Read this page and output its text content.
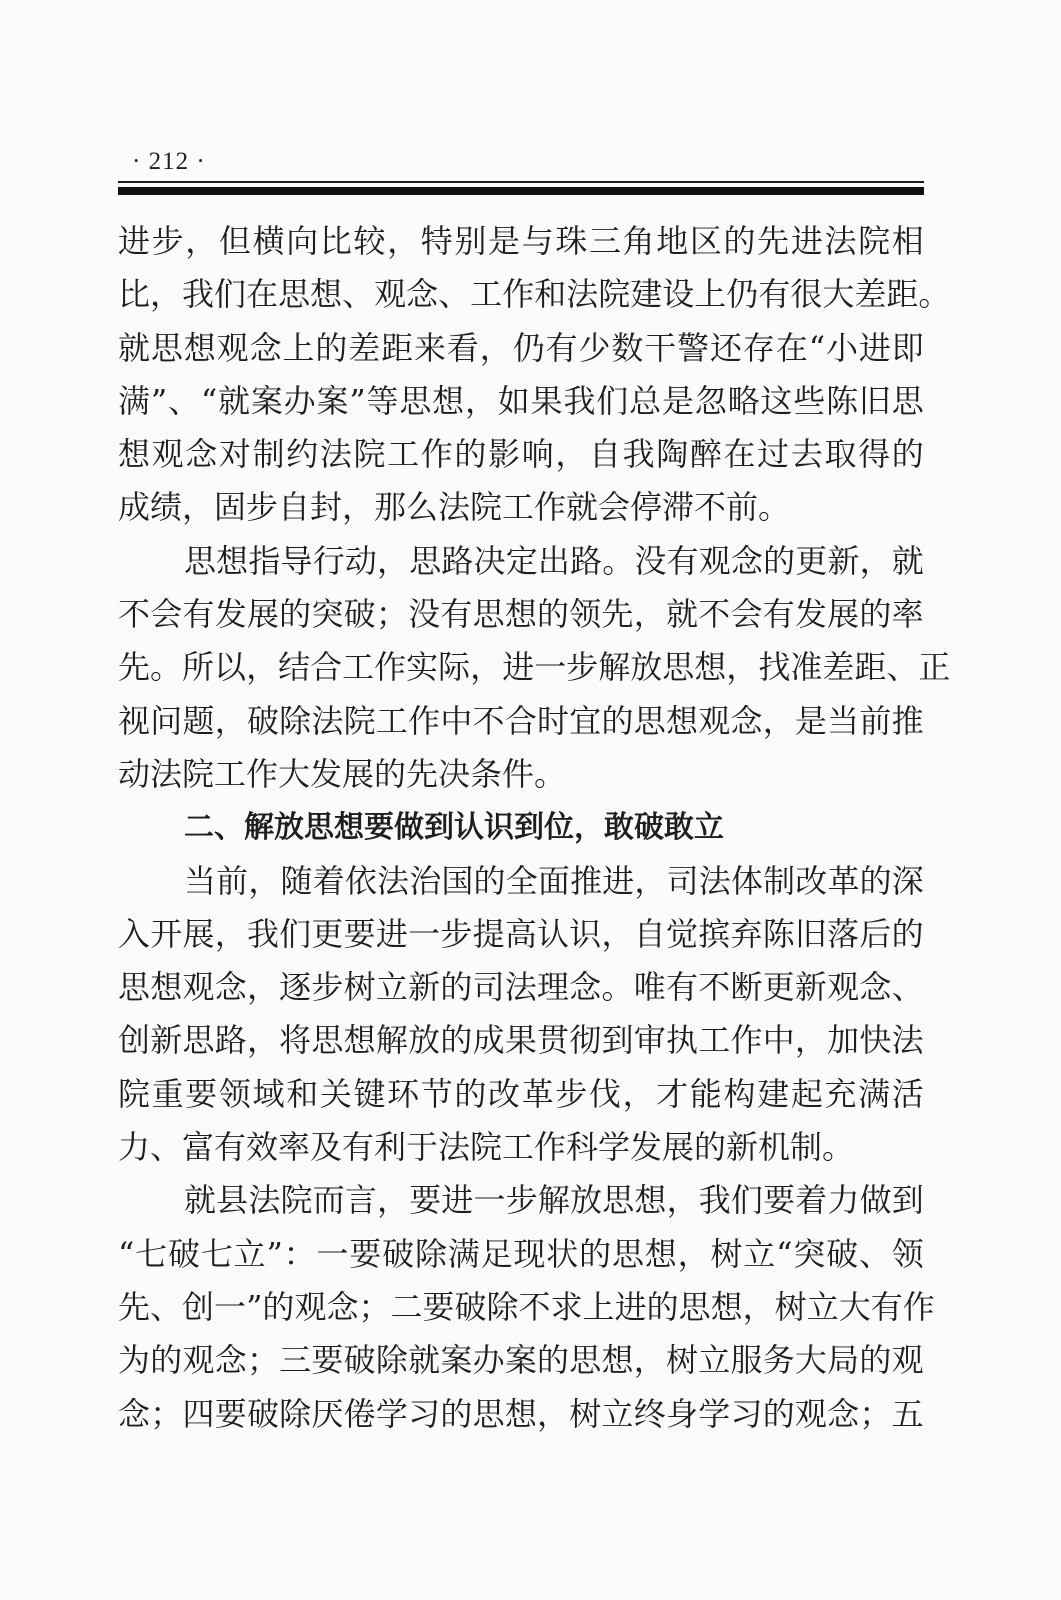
· 212 ·
进 步 ， 但 横 向 比 较 ， 特 别 是 与 珠 三 角 地 区 的 先 进 法 院 相
比 ， 我 们 在 思 想 、 观 念 、 工 作 和 法 院 建 设 上 仍 有 很 大 差 距 。
就 思 想 观 念 上 的 差 距 来 看 ， 仍 有 少 数 干 警 还 存 在 “ 小 进 即
满 ” 、 “ 就 案 办 案 ” 等 思 想 ， 如 果 我 们 总 是 忽 略 这 些 陈 旧 思
想 观 念 对 制 约 法 院 工 作 的 影 响 ， 自 我 陶 醉 在 过 去 取 得 的
成绩，固步自封，那么法院工作就会停滞不前。
思 想 指 导 行 动 ， 思 路 决 定 出 路 。 没 有 观 念 的 更 新 ， 就
不 会 有 发 展 的 突 破 ； 没 有 思 想 的 领 先 ， 就 不 会 有 发 展 的 率
先 。 所 以 ， 结 合 工 作 实 际 ， 进 一 步 解 放 思 想 ， 找 准 差 距 、 正
视 问 题 ， 破 除 法 院 工 作 中 不 合 时 宜 的 思 想 观 念 ， 是 当 前 推
动法院工作大发展的先决条件。
二、解放思想要做到认识到位，敢破敢立
当 前 ， 随 着 依 法 治 国 的 全 面 推 进 ， 司 法 体 制 改 革 的 深
入 开 展 ， 我 们 更 要 进 一 步 提 高 认 识 ， 自 觉 摈 弃 陈 旧 落 后 的
思 想 观 念 ， 逐 步 树 立 新 的 司 法 理 念 。 唯 有 不 断 更 新 观 念 、
创 新 思 路 ， 将 思 想 解 放 的 成 果 贯 彻 到 审 执 工 作 中 ， 加 快 法
院 重 要 领 域 和 关 键 环 节 的 改 革 步 伐 ， 才 能 构 建 起 充 满 活
力、富有效率及有利于法院工作科学发展的新机制。
就 县 法 院 而 言 ， 要 进 一 步 解 放 思 想 ， 我 们 要 着 力 做 到
“ 七 破 七 立 ” ： 一 要 破 除 满 足 现 状 的 思 想 ， 树 立 “ 突 破 、 领
先 、 创 一 ” 的 观 念 ； 二 要 破 除 不 求 上 进 的 思 想 ， 树 立 大 有 作
为 的 观 念 ； 三 要 破 除 就 案 办 案 的 思 想 ， 树 立 服 务 大 局 的 观
念 ； 四 要 破 除 厌 倦 学 习 的 思 想 ， 树 立 终 身 学 习 的 观 念 ； 五
